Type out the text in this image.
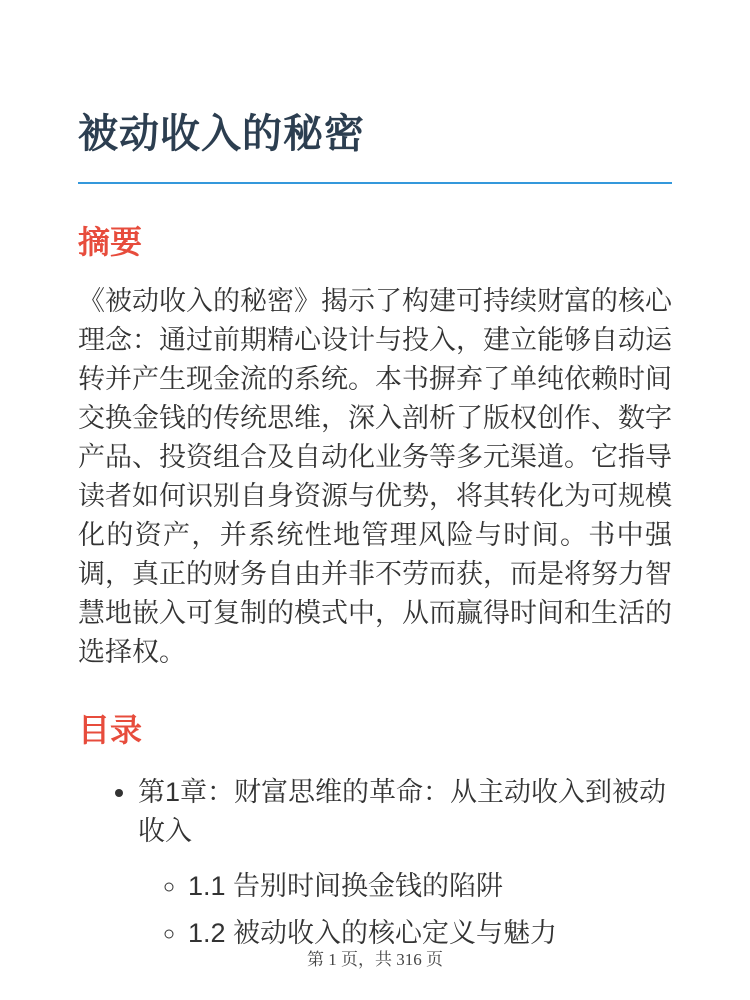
被动收入的秘密
摘要

《被动收入的秘密》揭示了构建可持续财富的核心理念：通过前期精心设计与投入，建立能够自动运转并产生现金流的系统。本书摒弃了单纯依赖时间交换金钱的传统思维，深入剖析了版权创作、数字产品、投资组合及自动化业务等多元渠道。它指导读者如何识别自身资源与优势，将其转化为可规模化的资产，并系统性地管理风险与时间。书中强调，真正的财务自由并非不劳而获，而是将努力智慧地嵌入可复制的模式中，从而赢得时间和生活的选择权。

目录
• 第1章：财富思维的革命：从主动收入到被动收入
◦ 1.1 告别时间换金钱的陷阱
◦ 1.2 被动收入的核心定义与魅力
第 1 页，共 316 页
